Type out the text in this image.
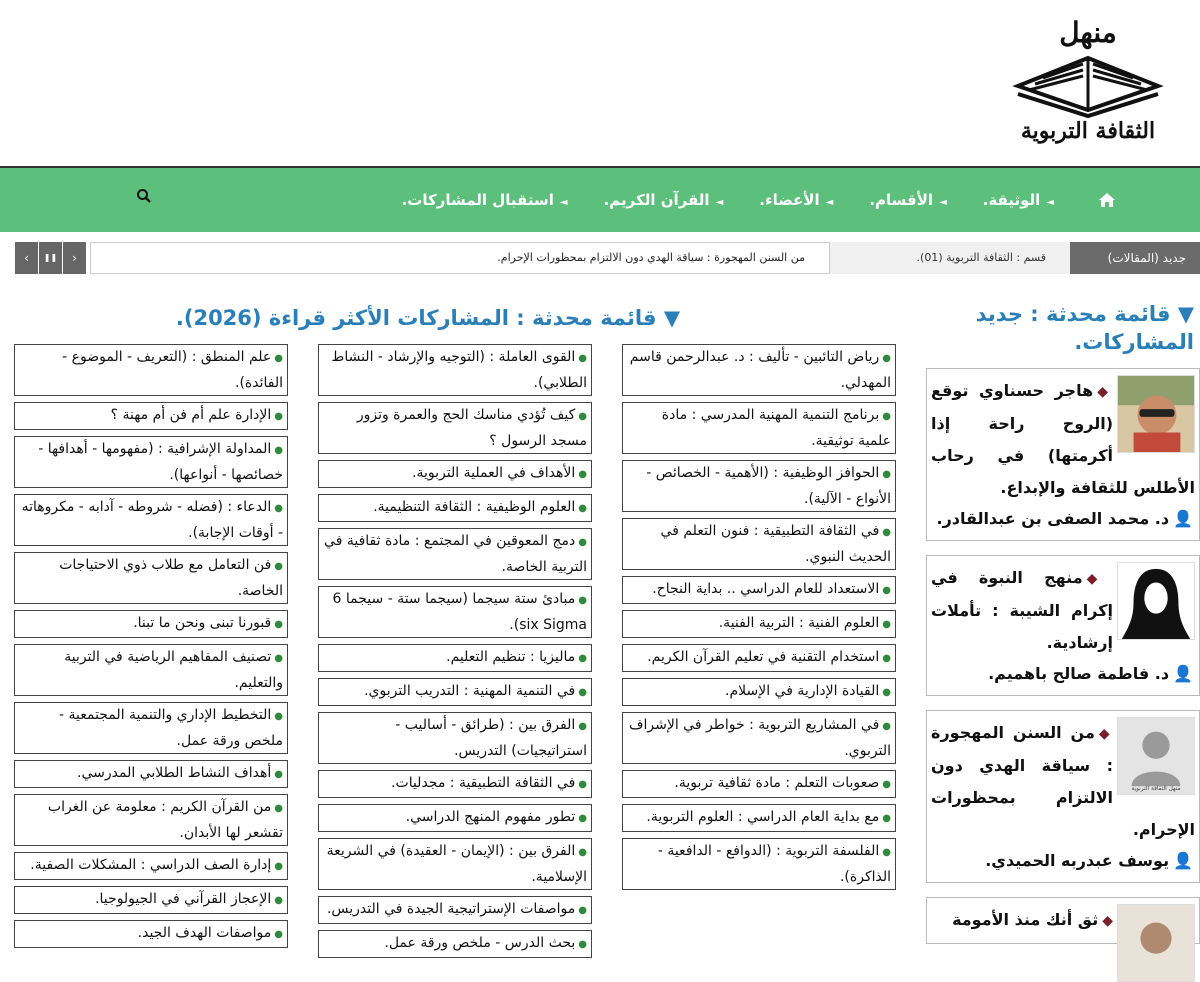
منهل
الثقافة التربوية
◄الوثيقة.
◄الأقسام.
◄الأعضاء.
◄القرآن الكريم.
◄استقبال المشاركات.
جديد (المقالات)
قسم : الثقافة التربوية (01).
من السنن المهجورة : سياقة الهدي دون الالتزام بمحظورات الإحرام.
‹	❚❚	›
▼ قائمة محدثة : جديد المشاركات.
◆هاجر حسناوي توقع (الروح راحة إذا أكرمتها) في رحاب الأطلس للثقافة والإبداع.
👤د. محمد الصفى بن عبدالقادر.
◆منهج النبوة في إكرام الشيبة : تأملات إرشادية.
👤د. فاطمة صالح باهميم.
منهل الثقافة التربوية
◆من السنن المهجورة : سياقة الهدي دون الالتزام بمحظورات الإحرام.
👤يوسف عبدربه الحميدي.
◆ثق أنك منذ الأمومة
▼ قائمة محدثة : المشاركات الأكثر قراءة (2026).
●رياض التائبين - تأليف : د. عبدالرحمن قاسم المهدلي.
●برنامج التنمية المهنية المدرسي : مادة علمية توثيقية.
●الحوافز الوظيفية : (الأهمية - الخصائص - الأنواع - الآلية).
●في الثقافة التطبيقية : فنون التعلم في الحديث النبوي.
●الاستعداد للعام الدراسي .. بداية النجاح.
●العلوم الفنية : التربية الفنية.
●استخدام التقنية في تعليم القرآن الكريم.
●القيادة الإدارية في الإسلام.
●في المشاريع التربوية : خواطر في الإشراف التربوي.
●صعوبات التعلم : مادة ثقافية تربوية.
●مع بداية العام الدراسي : العلوم التربوية.
●الفلسفة التربوية : (الدوافع - الدافعية - الذاكرة).
●القوى العاملة : (التوجيه والإرشاد - النشاط الطلابي).
●كيف تُؤدي مناسك الحج والعمرة وتزور مسجد الرسول ؟
●الأهداف في العملية التربوية.
●العلوم الوظيفية : الثقافة التنظيمية.
●دمج المعوقين في المجتمع : مادة ثقافية في التربية الخاصة.
●مبادئ ستة سيجما (سيجما ستة - سيجما 6 six Sigma).
●ماليزيا : تنظيم التعليم.
●في التنمية المهنية : التدريب التربوي.
●الفرق بين : (طرائق - أساليب - استراتيجيات) التدريس.
●في الثقافة التطبيقية : مجدليات.
●تطور مفهوم المنهج الدراسي.
●الفرق بين : (الإيمان - العقيدة) في الشريعة الإسلامية.
●مواصفات الإستراتيجية الجيدة في التدريس.
●بحث الدرس - ملخص ورقة عمل.
●علم المنطق : (التعريف - الموضوع - الفائدة).
●الإدارة علم أم فن أم مهنة ؟
●المداولة الإشرافية : (مفهومها - أهدافها - خصائصها - أنواعها).
●الدعاء : (فضله - شروطه - آدابه - مكروهاته - أوقات الإجابة).
●فن التعامل مع طلاب ذوي الاحتياجات الخاصة.
●قبورنا تبنى ونحن ما تبنا.
●تصنيف المفاهيم الرياضية في التربية والتعليم.
●التخطيط الإداري والتنمية المجتمعية - ملخص ورقة عمل.
●أهداف النشاط الطلابي المدرسي.
●من القرآن الكريم : معلومة عن الغراب تقشعر لها الأبدان.
●إدارة الصف الدراسي : المشكلات الصفية.
●الإعجاز القرآني في الجيولوجيا.
●مواصفات الهدف الجيد.
